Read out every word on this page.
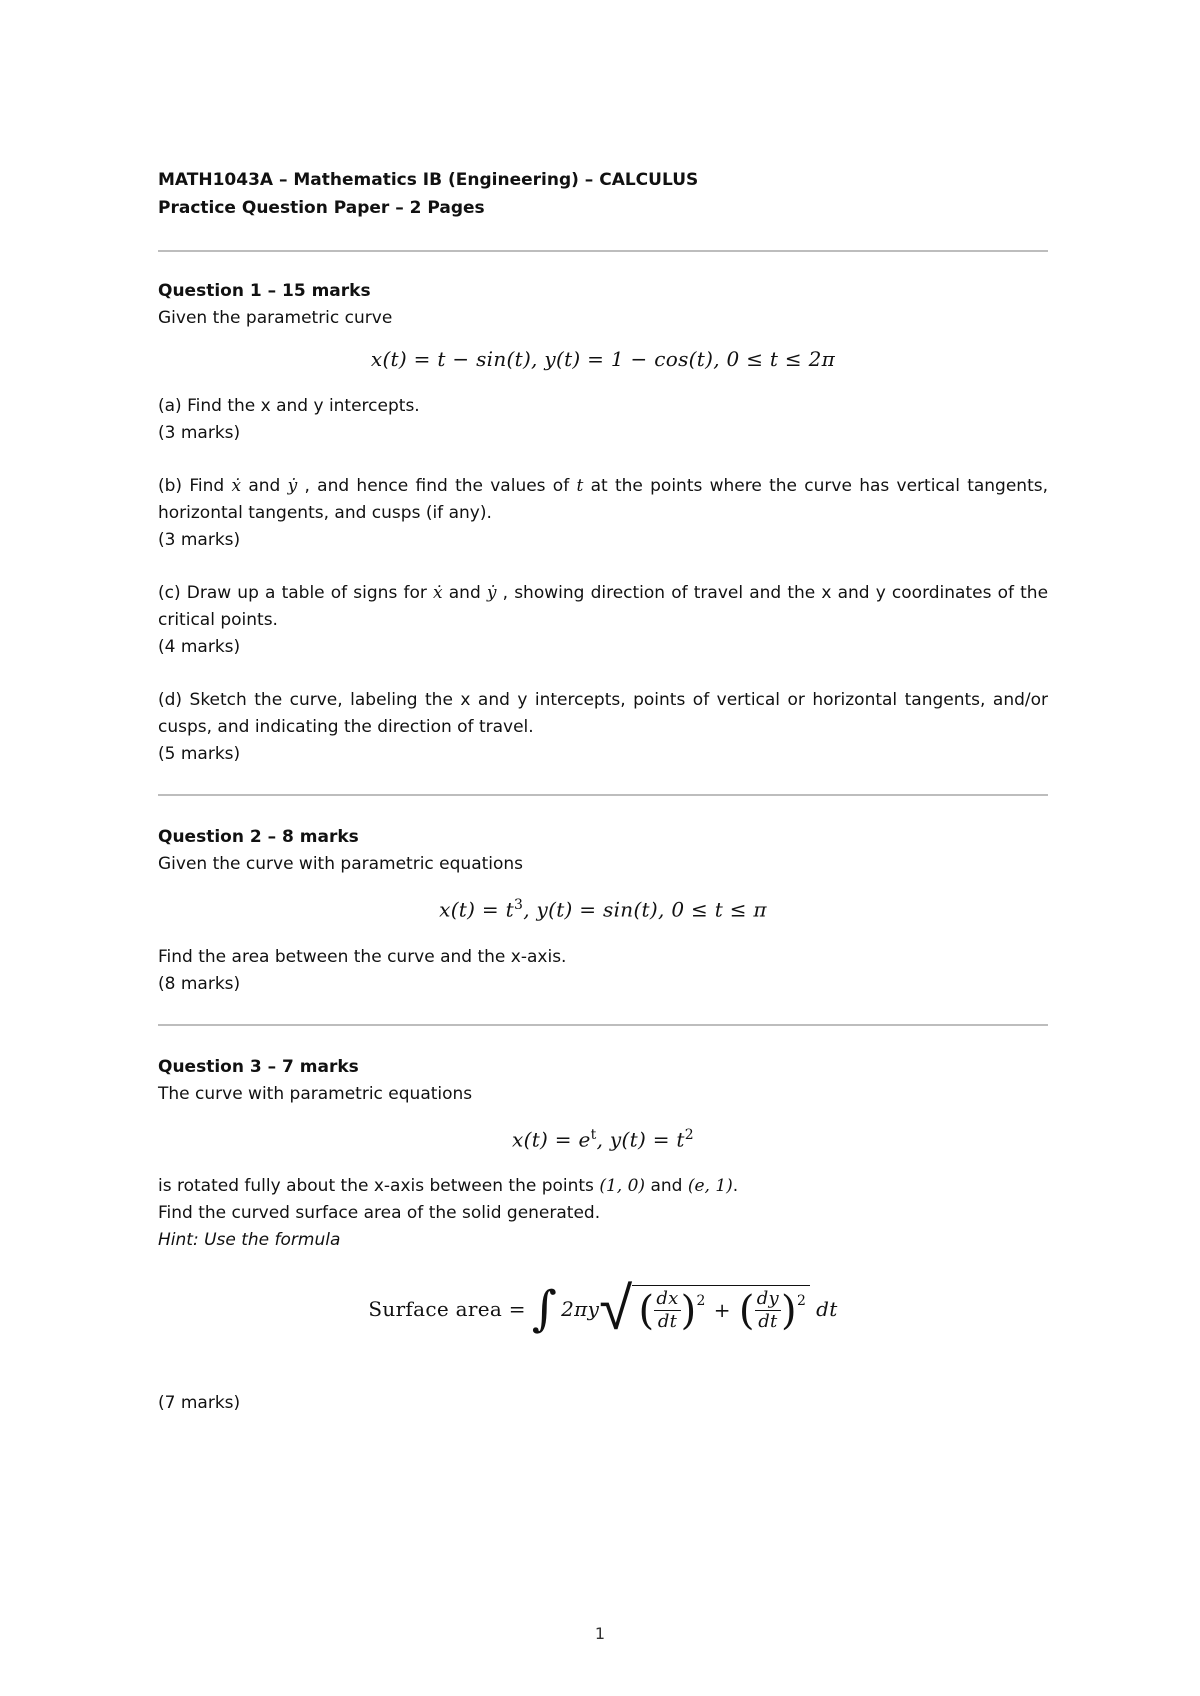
MATH1043A – Mathematics IB (Engineering) – CALCULUS
Practice Question Paper – 2 Pages

Question 1 – 15 marks

Given the parametric curve

x(t) = t − sin(t), y(t) = 1 − cos(t), 0 ≤ t ≤ 2π

(a) Find the x and y intercepts.

(3 marks)

(b) Find ẋ and ẏ , and hence find the values of t at the points where the curve has vertical tangents, horizontal tangents, and cusps (if any).

(3 marks)

(c) Draw up a table of signs for ẋ and ẏ , showing direction of travel and the x and y coordinates of the critical points.

(4 marks)

(d) Sketch the curve, labeling the x and y intercepts, points of vertical or horizontal tangents, and/or cusps, and indicating the direction of travel.

(5 marks)

Question 2 – 8 marks

Given the curve with parametric equations

$x(t) = t^3$, y(t) = sin(t), 0 ≤ t ≤ π

Find the area between the curve and the x-axis.

(8 marks)

Question 3 – 7 marks

The curve with parametric equations

$x(t) = e^t$, $y(t) = t^2$

is rotated fully about the x-axis between the points (1, 0) and (e, 1).

Find the curved surface area of the solid generated.

Hint: Use the formula

Surface area = ∫ 2πy √ ( $\frac{dx}{dt}$ ) 2 + ( $\frac{dy}{dt}$ ) 2 dt

(7 marks)

1
